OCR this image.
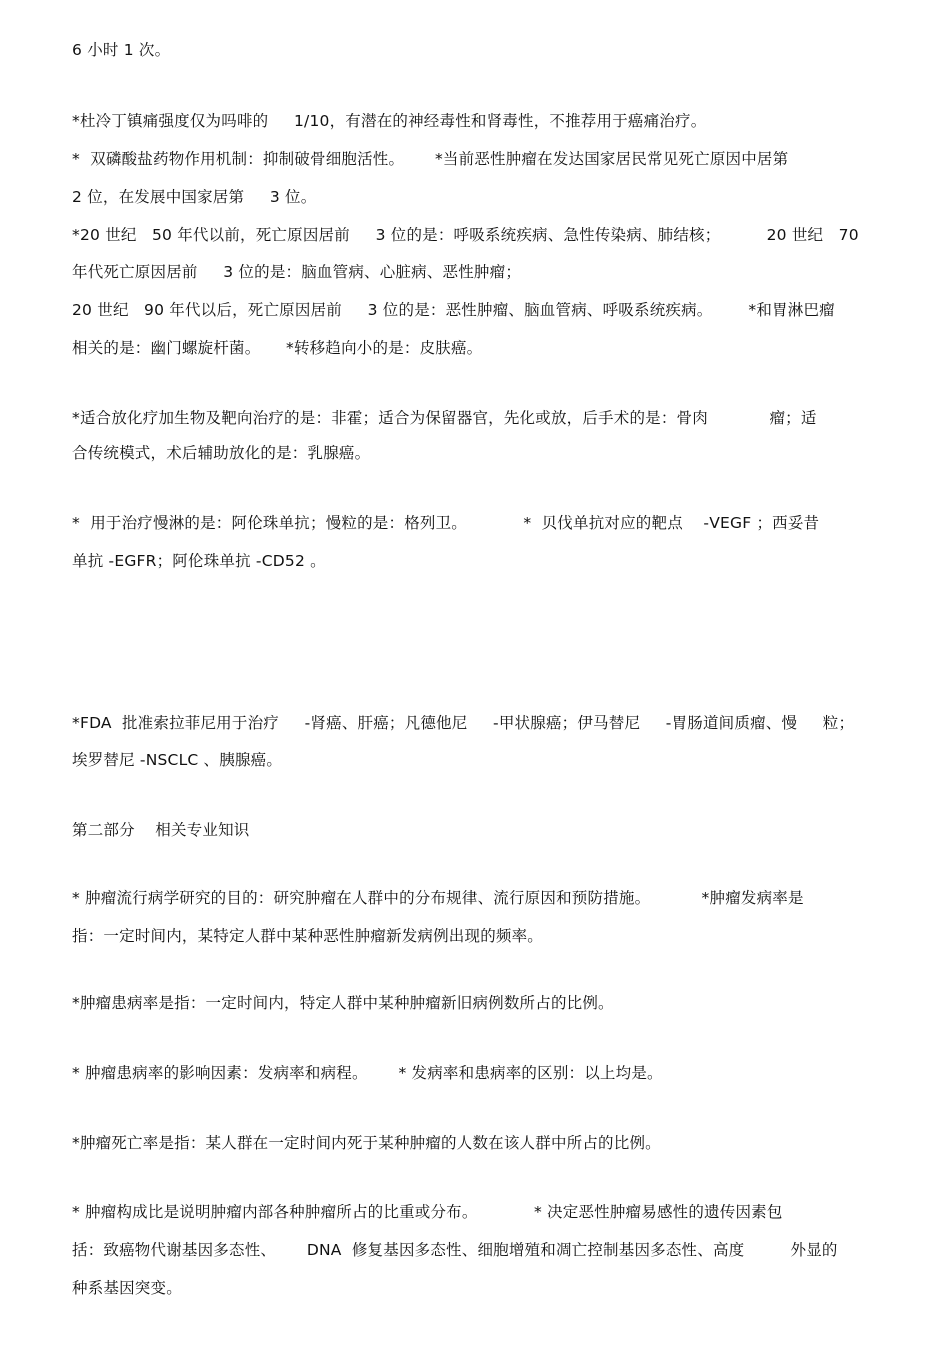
6 小时 1 次。
*杜冷丁镇痛强度仅为吗啡的     1/10，有潜在的神经毒性和肾毒性，不推荐用于癌痛治疗。
*  双磷酸盐药物作用机制：抑制破骨细胞活性。      *当前恶性肿瘤在发达国家居民常见死亡原因中居第
2 位，在发展中国家居第     3 位。
*20 世纪   50 年代以前，死亡原因居前     3 位的是：呼吸系统疾病、急性传染病、肺结核；         20 世纪   70
年代死亡原因居前     3 位的是：脑血管病、心脏病、恶性肿瘤；
20 世纪   90 年代以后，死亡原因居前     3 位的是：恶性肿瘤、脑血管病、呼吸系统疾病。       *和胃淋巴瘤
相关的是：幽门螺旋杆菌。     *转移趋向小的是：皮肤癌。
*适合放化疗加生物及靶向治疗的是：非霍；适合为保留器官，先化或放，后手术的是：骨肉            瘤；适
合传统模式，术后辅助放化的是：乳腺癌。
*  用于治疗慢淋的是：阿伦珠单抗；慢粒的是：格列卫。           *  贝伐单抗对应的靶点    -VEGF ；西妥昔
单抗 -EGFR；阿伦珠单抗 -CD52 。
*FDA  批准索拉菲尼用于治疗     -肾癌、肝癌；凡德他尼     -甲状腺癌；伊马替尼     -胃肠道间质瘤、慢     粒；
埃罗替尼 -NSCLC 、胰腺癌。
第二部分    相关专业知识
* 肿瘤流行病学研究的目的：研究肿瘤在人群中的分布规律、流行原因和预防措施。          *肿瘤发病率是
指：一定时间内，某特定人群中某种恶性肿瘤新发病例出现的频率。
*肿瘤患病率是指：一定时间内，特定人群中某种肿瘤新旧病例数所占的比例。
* 肿瘤患病率的影响因素：发病率和病程。      * 发病率和患病率的区别：以上均是。
*肿瘤死亡率是指：某人群在一定时间内死于某种肿瘤的人数在该人群中所占的比例。
* 肿瘤构成比是说明肿瘤内部各种肿瘤所占的比重或分布。           * 决定恶性肿瘤易感性的遗传因素包
括：致癌物代谢基因多态性、      DNA  修复基因多态性、细胞增殖和凋亡控制基因多态性、高度         外显的
种系基因突变。
